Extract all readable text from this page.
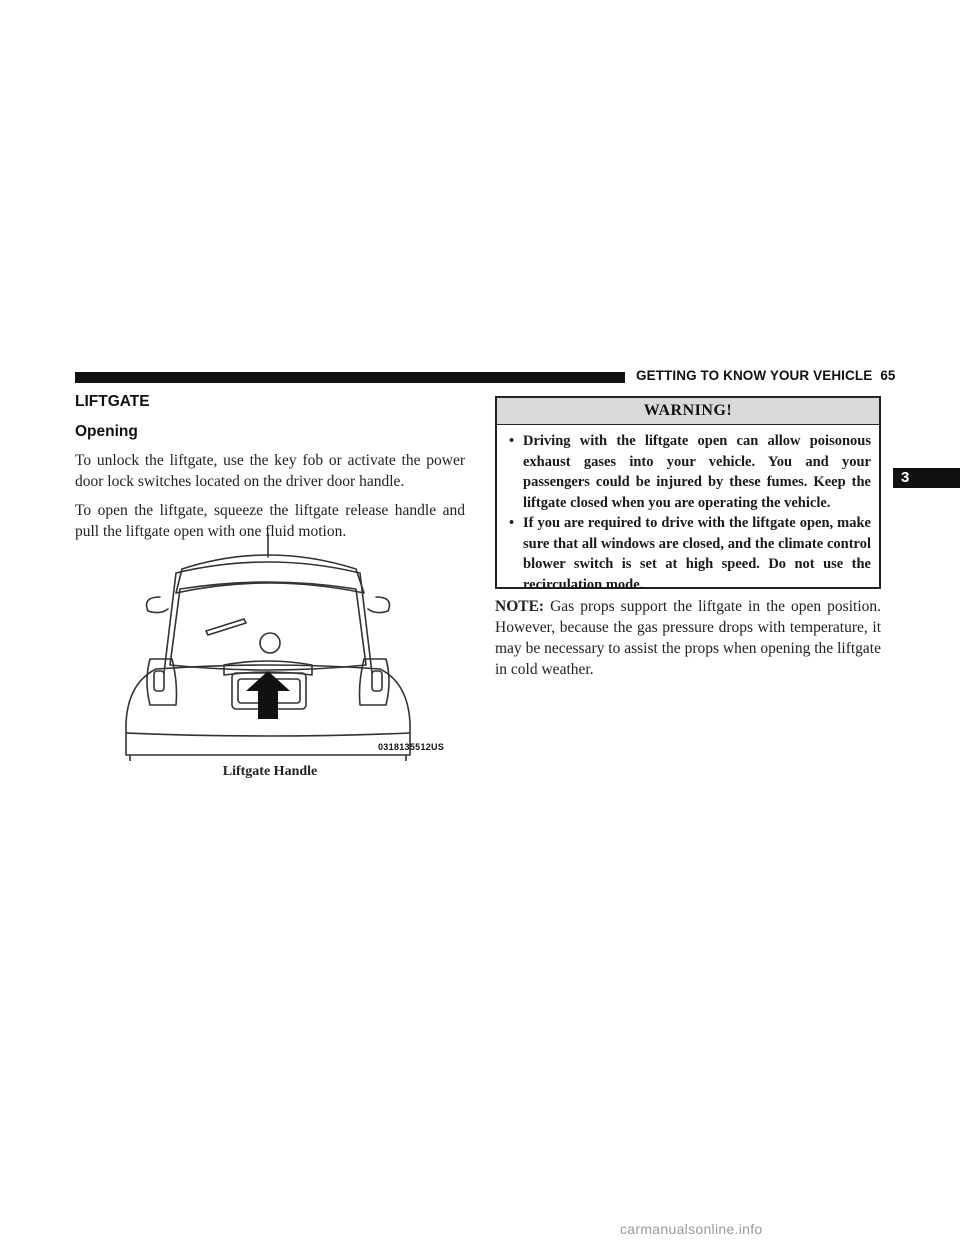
GETTING TO KNOW YOUR VEHICLE 65
3
LIFTGATE
Opening

To unlock the liftgate, use the key fob or activate the power door lock switches located on the driver door handle.

To open the liftgate, squeeze the liftgate release handle and pull the liftgate open with one fluid motion.

0318135512US
Liftgate Handle
WARNING!
• Driving with the liftgate open can allow poisonous exhaust gases into your vehicle. You and your passengers could be injured by these fumes. Keep the liftgate closed when you are operating the vehicle.
• If you are required to drive with the liftgate open, make sure that all windows are closed, and the climate control blower switch is set at high speed. Do not use the recirculation mode.

NOTE: Gas props support the liftgate in the open position. However, because the gas pressure drops with temperature, it may be necessary to assist the props when opening the liftgate in cold weather.

carmanualsonline.info
